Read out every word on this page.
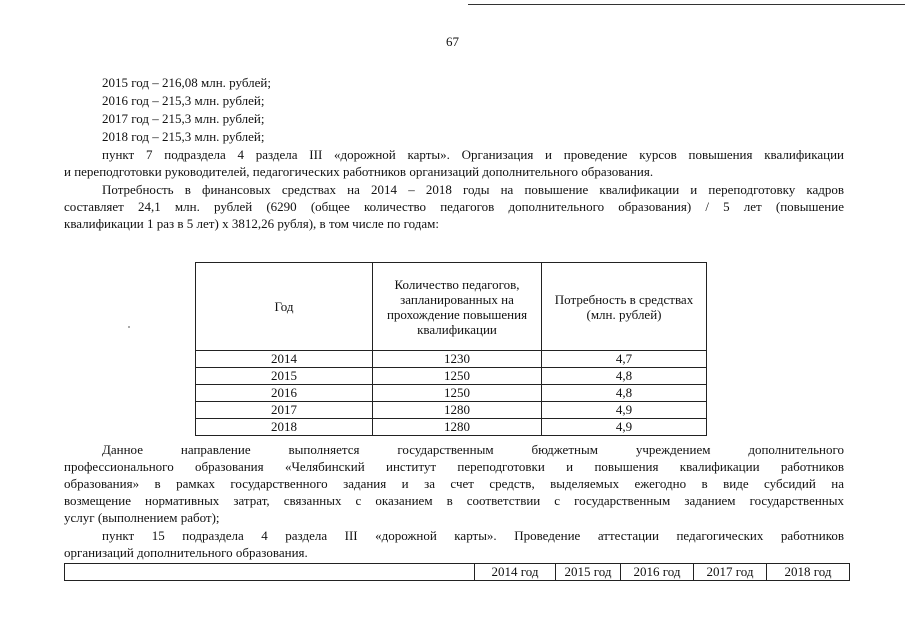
67
2015 год – 216,08 млн. рублей;
2016 год – 215,3 млн. рублей;
2017 год – 215,3 млн. рублей;
2018 год – 215,3 млн. рублей;
пункт 7 подраздела 4 раздела III «дорожной карты». Организация и проведение курсов повышения квалификации
и переподготовки руководителей, педагогических работников организаций дополнительного образования.
Потребность в финансовых средствах на 2014 – 2018 годы на повышение квалификации и переподготовку кадров
составляет 24,1 млн. рублей (6290 (общее количество педагогов дополнительного образования) / 5 лет (повышение
квалификации 1 раз в 5 лет) х 3812,26 рубля), в том числе по годам:
Год	Количество педагогов, запланированных на прохождение повышения квалификации	Потребность в средствах (млн. рублей)

2014	1230	4,7
2015	1250	4,8
2016	1250	4,8
2017	1280	4,9
2018	1280	4,9
Данное направление выполняется государственным бюджетным учреждением дополнительного
профессионального образования «Челябинский институт переподготовки и повышения квалификации работников
образования» в рамках государственного задания и за счет средств, выделяемых ежегодно в виде субсидий на
возмещение нормативных затрат, связанных с оказанием в соответствии с государственным заданием государственных
услуг (выполнением работ);
пункт 15 подраздела 4 раздела III «дорожной карты». Проведение аттестации педагогических работников
организаций дополнительного образования.
	2014 год	2015 год	2016 год	2017 год	2018 год
